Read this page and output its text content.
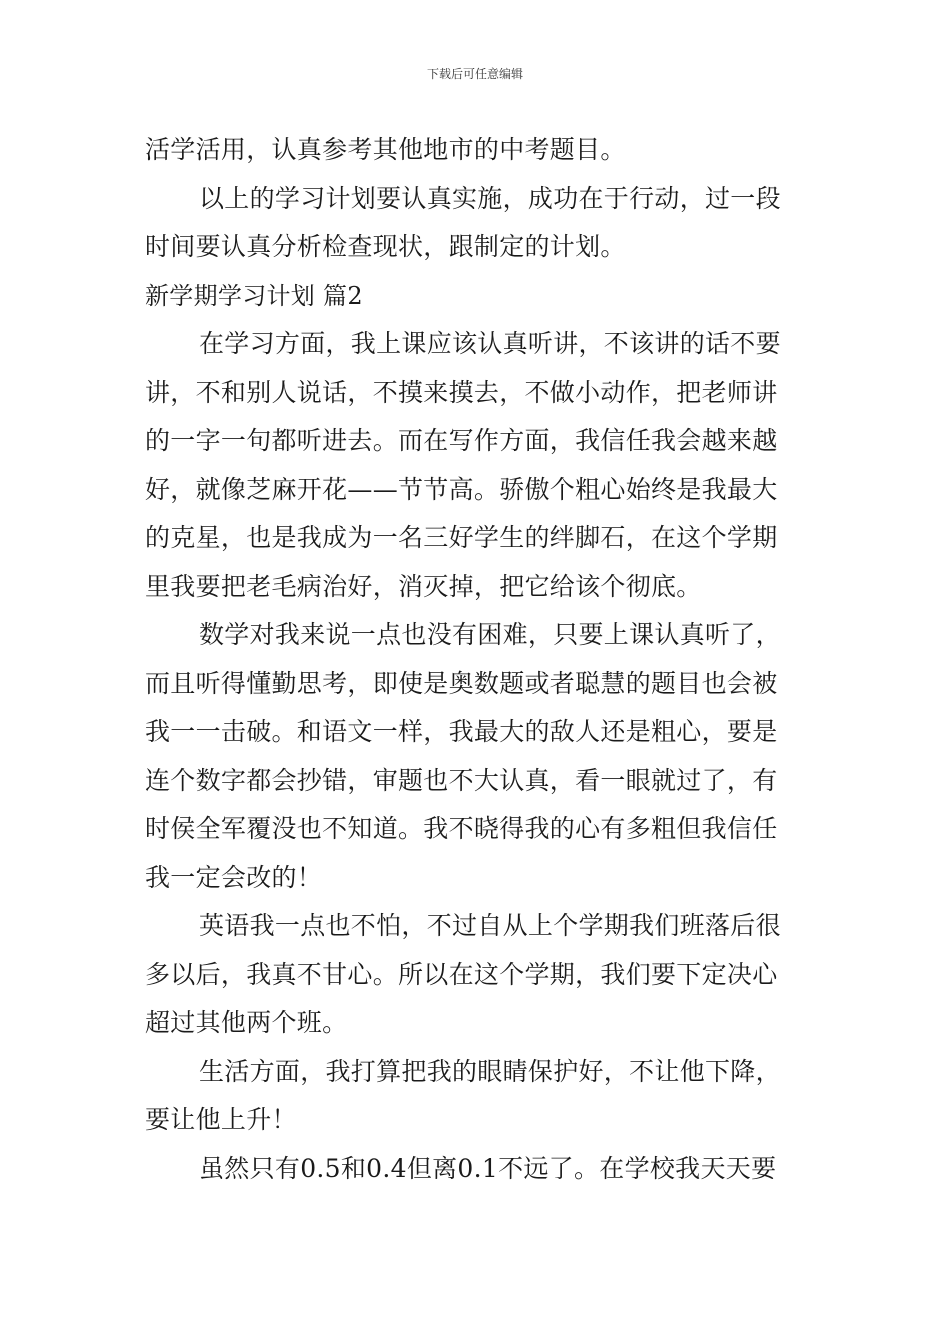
下载后可任意编辑
活学活用，认真参考其他地市的中考题目。
以上的学习计划要认真实施，成功在于行动，过一段
时间要认真分析检查现状，跟制定的计划。
新学期学习计划 篇2
在学习方面，我上课应该认真听讲，不该讲的话不要
讲，不和别人说话，不摸来摸去，不做小动作，把老师讲
的一字一句都听进去。而在写作方面，我信任我会越来越
好，就像芝麻开花——节节高。骄傲个粗心始终是我最大
的克星，也是我成为一名三好学生的绊脚石，在这个学期
里我要把老毛病治好，消灭掉，把它给该个彻底。
数学对我来说一点也没有困难，只要上课认真听了，
而且听得懂勤思考，即使是奥数题或者聪慧的题目也会被
我一一击破。和语文一样，我最大的敌人还是粗心，要是
连个数字都会抄错，审题也不大认真，看一眼就过了，有
时侯全军覆没也不知道。我不晓得我的心有多粗但我信任
我一定会改的！
英语我一点也不怕，不过自从上个学期我们班落后很
多以后，我真不甘心。所以在这个学期，我们要下定决心
超过其他两个班。
生活方面，我打算把我的眼睛保护好，不让他下降，
要让他上升！
虽然只有0.5和0.4但离0.1不远了。在学校我天天要
